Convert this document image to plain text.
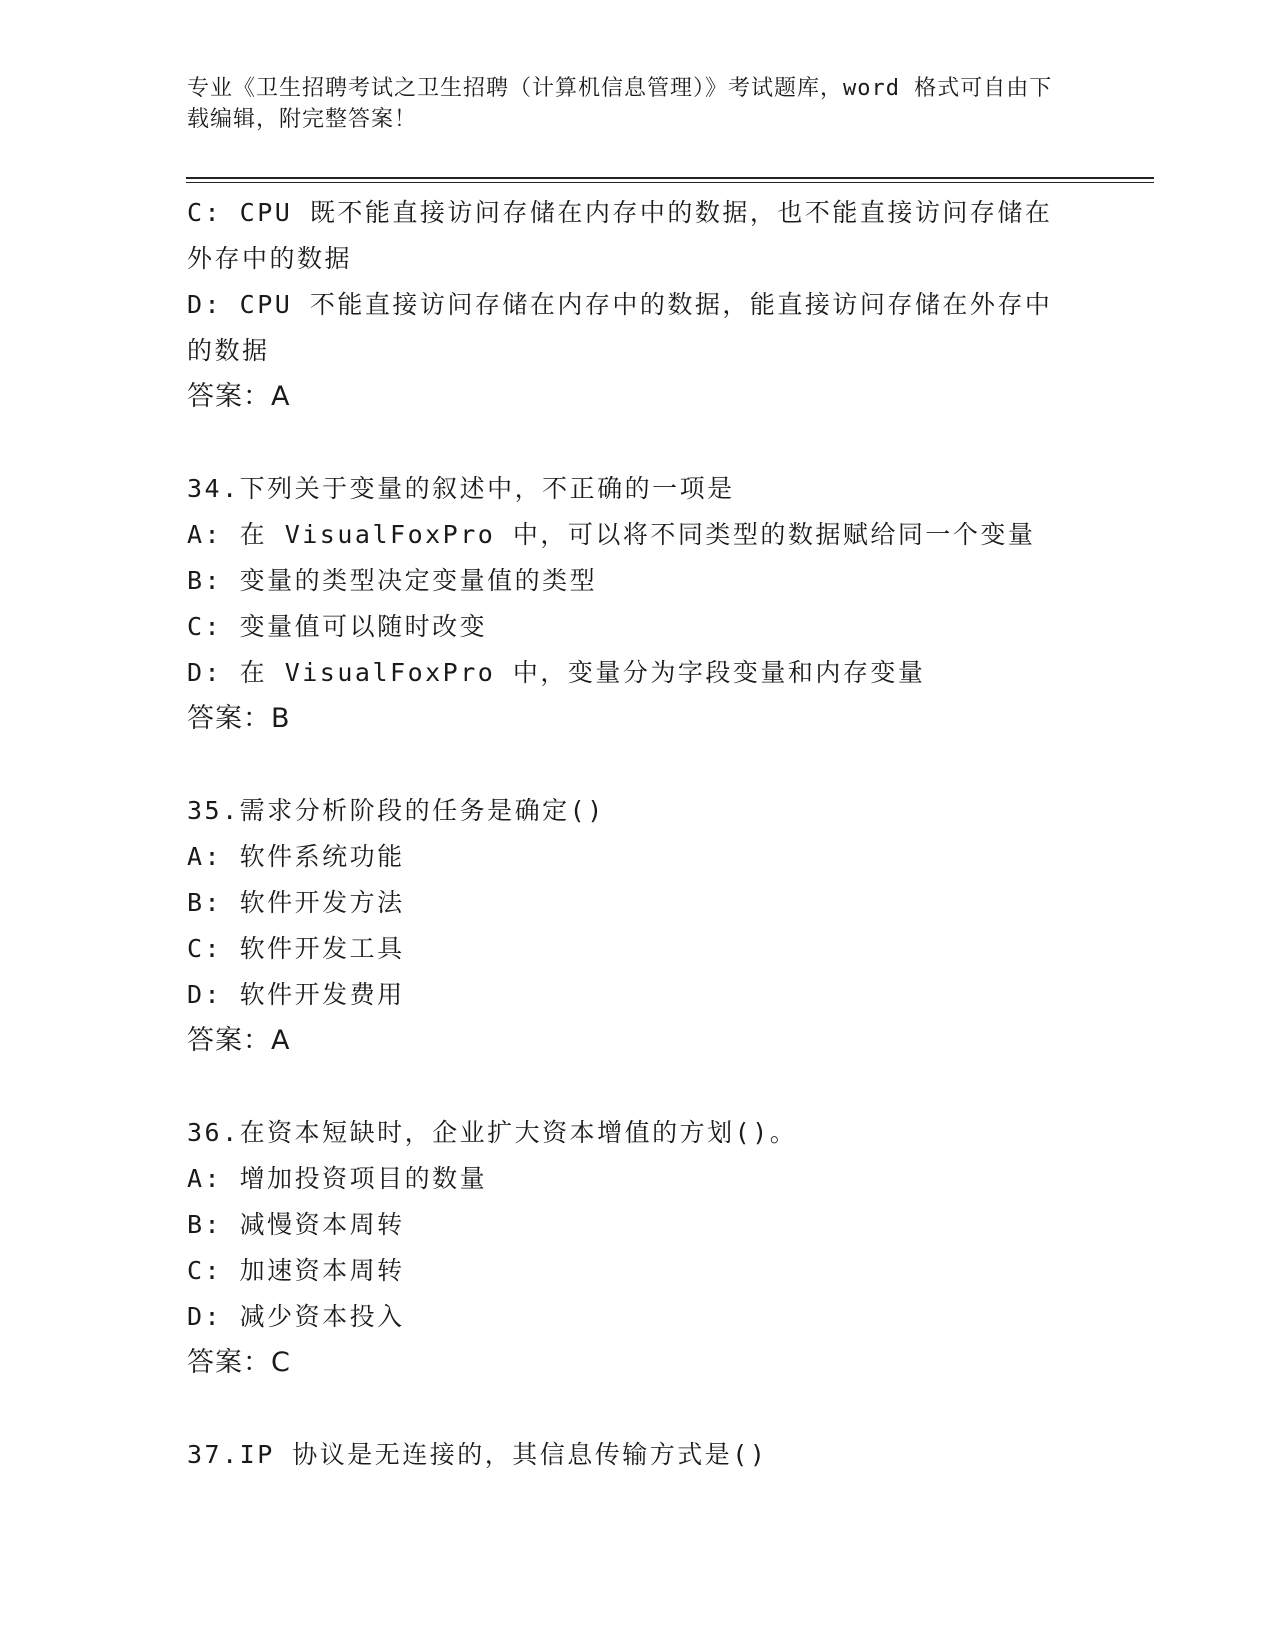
专业《卫生招聘考试之卫生招聘（计算机信息管理）》考试题库，word 格式可自由下载编辑，附完整答案！
C: CPU 既不能直接访问存储在内存中的数据，也不能直接访问存储在外存中的数据
D: CPU 不能直接访问存储在内存中的数据，能直接访问存储在外存中的数据
答案：A
34.下列关于变量的叙述中，不正确的一项是
A: 在 VisualFoxPro 中，可以将不同类型的数据赋给同一个变量
B: 变量的类型决定变量值的类型
C: 变量值可以随时改变
D: 在 VisualFoxPro 中，变量分为字段变量和内存变量
答案：B
35.需求分析阶段的任务是确定()
A: 软件系统功能
B: 软件开发方法
C: 软件开发工具
D: 软件开发费用
答案：A
36.在资本短缺时，企业扩大资本增值的方划()。
A: 增加投资项目的数量
B: 减慢资本周转
C: 加速资本周转
D: 减少资本投入
答案：C
37.IP 协议是无连接的，其信息传输方式是()
